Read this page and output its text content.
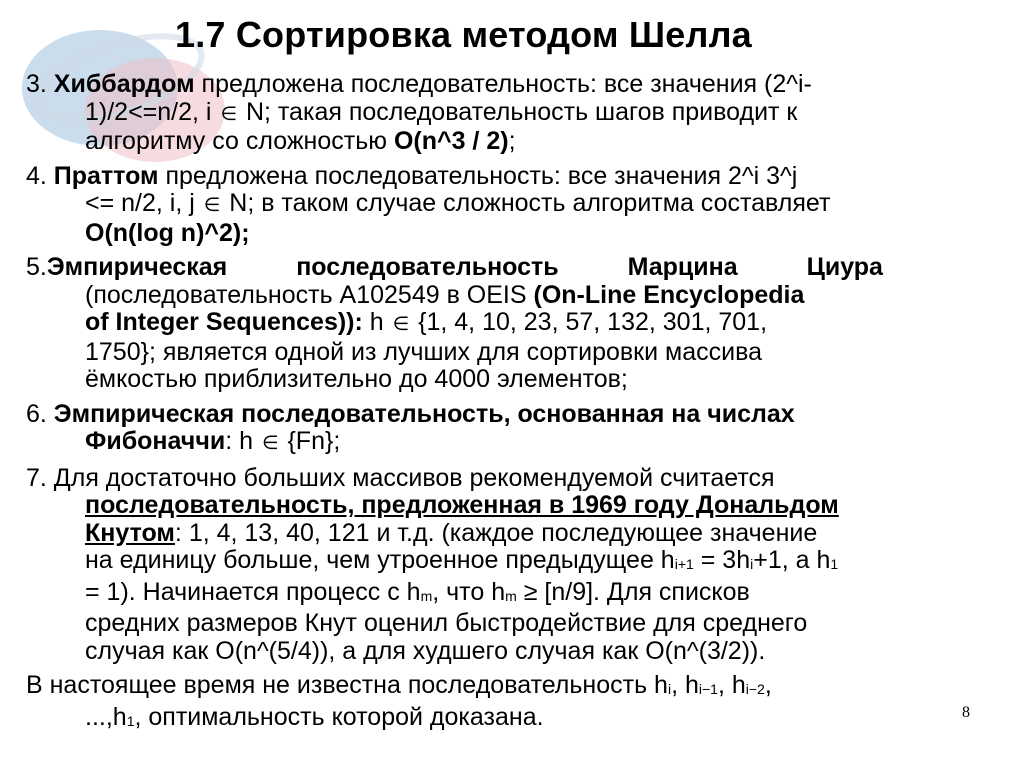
1.7 Сортировка методом Шелла
3. Хиббардом предложена последовательность: все значения (2^i-
1)/2<=n/2, i ∈ N; такая последовательность шагов приводит к
алгоритму со сложностью O(n^3 / 2);
4. Праттом предложена последовательность: все значения 2^i 3^j
<= n/2, i, j ∈ N; в таком случае сложность алгоритма составляет
O(n(log n)^2);
5.Эмпирическая последовательность Марцина Циура
(последовательность A102549 в OEIS (On-Line Encyclopedia
of Integer Sequences)): h ∈ {1, 4, 10, 23, 57, 132, 301, 701,
1750}; является одной из лучших для сортировки массива
ёмкостью приблизительно до 4000 элементов;
6. Эмпирическая последовательность, основанная на числах
Фибоначчи: h ∈ {Fn};
7. Для достаточно больших массивов рекомендуемой считается
последовательность, предложенная в 1969 году Дональдом
Кнутом: 1, 4, 13, 40, 121 и т.д. (каждое последующее значение
на единицу больше, чем утроенное предыдущее hi+1 = 3hi+1, а h1
= 1). Начинается процесс с hm, что hm ≥ [n/9]. Для списков
средних размеров Кнут оценил быстродействие для среднего
случая как O(n^(5/4)), а для худшего случая как O(n^(3/2)).
В настоящее время не известна последовательность hi, hi−1, hi−2,
...,h1, оптимальность которой доказана.	8
